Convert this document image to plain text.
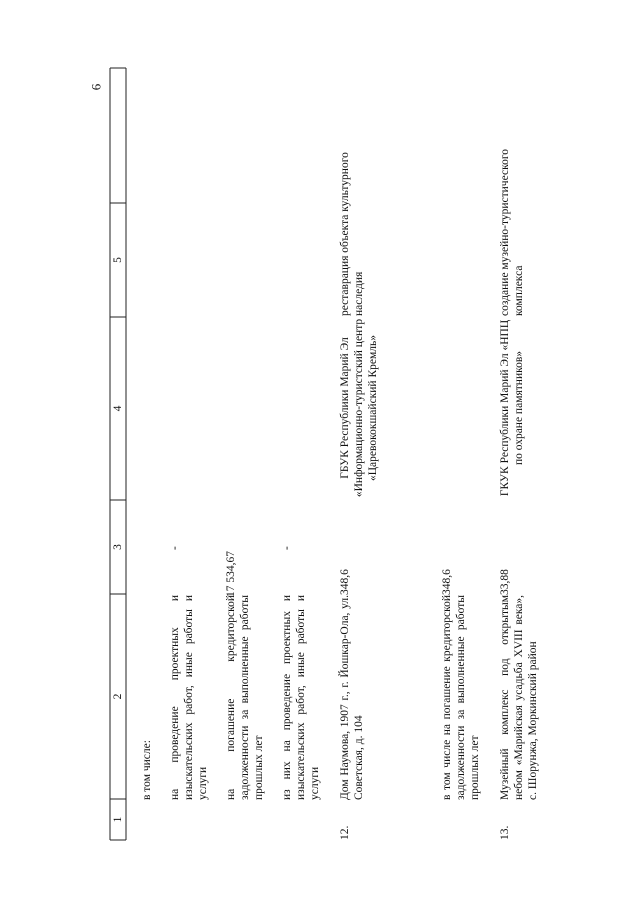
6
1
2
3
4
5
в том числе: на проведение проектных и изыскательских работ, иные работы и услуги
-
на погашение кредиторской задолженности за выполненные работы прошлых лет
17 534,67
из них на проведение проектных и изыскательских работ, иные работы и услуги
-
12.
Дом Наумова, 1907 г., г. Йошкар-Ола, ул. Советская, д. 104
348,6
ГБУК Республики Марий Эл «Информационно-туристский центр «Царевококшайский Кремль»
реставрация объекта культурного наследия
в том числе на погашение кредиторской задолженности за выполненные работы прошлых лет
348,6
13.
Музейный комплекс под открытым небом «Марийская усадьба XVIII века», с. Шорунжа, Моркинский район
33,88
ГКУК Республики Марий Эл «НПЦ по охране памятников»
создание музейно-туристического комплекса
